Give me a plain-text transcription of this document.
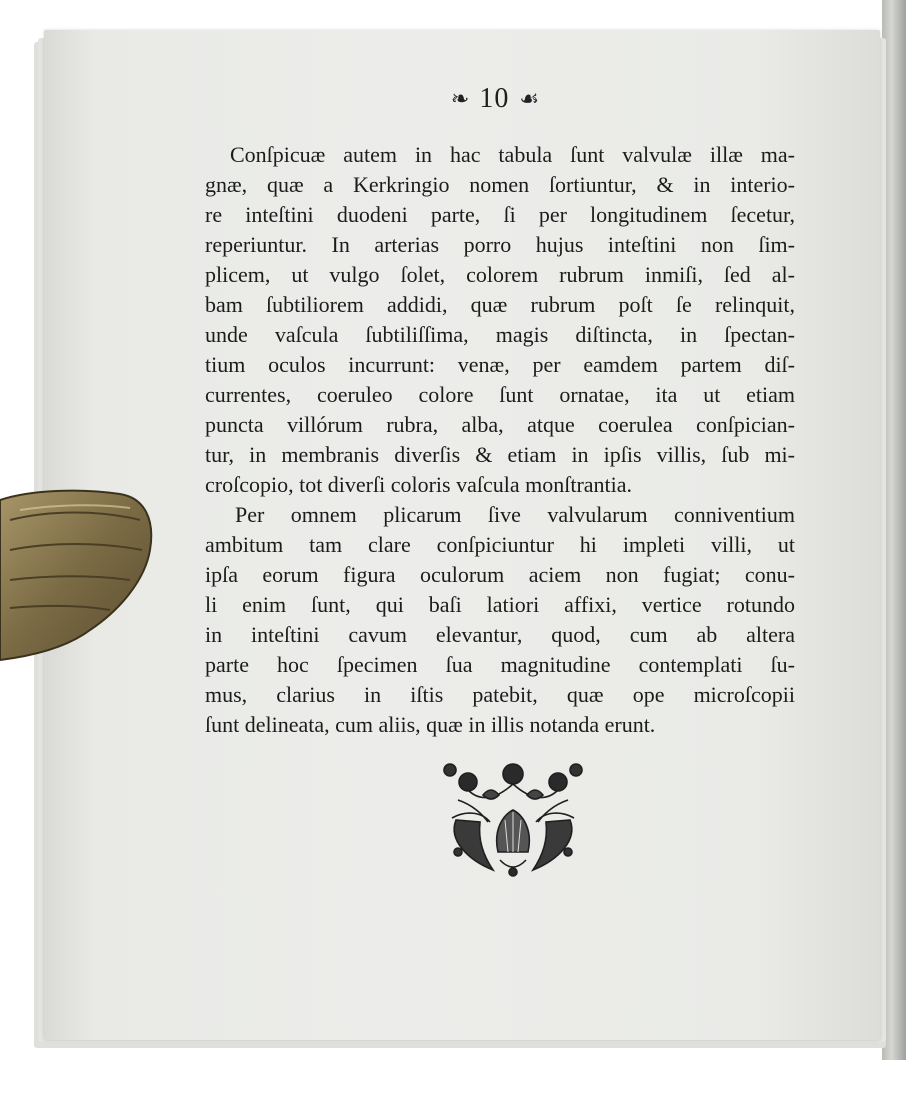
❧ 10 ☙
Conſpicuæ autem in hac tabula ſunt valvulæ illæ ma-
gnæ, quæ a Kerkringio nomen ſortiuntur, & in interio-
re inteſtini duodeni parte, ſi per longitudinem ſecetur,
reperiuntur. In arterias porro hujus inteſtini non ſim-
plicem, ut vulgo ſolet, colorem rubrum inmiſi, ſed al-
bam ſubtiliorem addidi, quæ rubrum poſt ſe relinquit,
unde vaſcula ſubtiliſſima, magis diſtincta, in ſpectan-
tium oculos incurrunt: venæ, per eamdem partem diſ-
currentes, coeruleo colore ſunt ornatae, ita ut etiam
puncta villórum rubra, alba, atque coerulea conſpician-
tur, in membranis diverſis & etiam in ipſis villis, ſub mi-
croſcopio, tot diverſi coloris vaſcula monſtrantia.
Per omnem plicarum ſive valvularum conniventium
ambitum tam clare conſpiciuntur hi impleti villi, ut
ipſa eorum figura oculorum aciem non fugiat; conu-
li enim ſunt, qui baſi latiori affixi, vertice rotundo
in inteſtini cavum elevantur, quod, cum ab altera
parte hoc ſpecimen ſua magnitudine contemplati ſu-
mus, clarius in iſtis patebit, quæ ope microſcopii
ſunt delineata, cum aliis, quæ in illis notanda erunt.
